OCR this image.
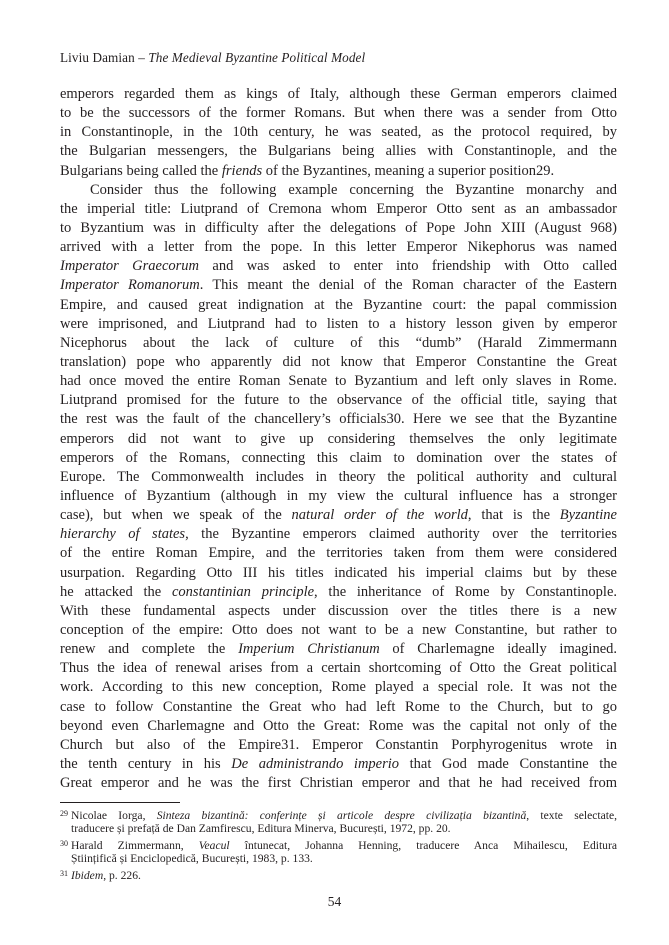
Liviu Damian – The Medieval Byzantine Political Model
emperors regarded them as kings of Italy, although these German emperors claimed
to be the successors of the former Romans. But when there was a sender from Otto
in Constantinople, in the 10th century, he was seated, as the protocol required, by
the Bulgarian messengers, the Bulgarians being allies with Constantinople, and the
Bulgarians being called the friends of the Byzantines, meaning a superior position29.
Consider thus the following example concerning the Byzantine monarchy and
the imperial title: Liutprand of Cremona whom Emperor Otto sent as an ambassador
to Byzantium was in difficulty after the delegations of Pope John XIII (August 968)
arrived with a letter from the pope. In this letter Emperor Nikephorus was named
Imperator Graecorum and was asked to enter into friendship with Otto called
Imperator Romanorum. This meant the denial of the Roman character of the Eastern
Empire, and caused great indignation at the Byzantine court: the papal commission
were imprisoned, and Liutprand had to listen to a history lesson given by emperor
Nicephorus about the lack of culture of this “dumb” (Harald Zimmermann
translation) pope who apparently did not know that Emperor Constantine the Great
had once moved the entire Roman Senate to Byzantium and left only slaves in Rome.
Liutprand promised for the future to the observance of the official title, saying that
the rest was the fault of the chancellery’s officials30. Here we see that the Byzantine
emperors did not want to give up considering themselves the only legitimate
emperors of the Romans, connecting this claim to domination over the states of
Europe. The Commonwealth includes in theory the political authority and cultural
influence of Byzantium (although in my view the cultural influence has a stronger
case), but when we speak of the natural order of the world, that is the Byzantine
hierarchy of states, the Byzantine emperors claimed authority over the territories
of the entire Roman Empire, and the territories taken from them were considered
usurpation. Regarding Otto III his titles indicated his imperial claims but by these
he attacked the constantinian principle, the inheritance of Rome by Constantinople.
With these fundamental aspects under discussion over the titles there is a new
conception of the empire: Otto does not want to be a new Constantine, but rather to
renew and complete the Imperium Christianum of Charlemagne ideally imagined.
Thus the idea of renewal arises from a certain shortcoming of Otto the Great political
work. According to this new conception, Rome played a special role. It was not the
case to follow Constantine the Great who had left Rome to the Church, but to go
beyond even Charlemagne and Otto the Great: Rome was the capital not only of the
Church but also of the Empire31. Emperor Constantin Porphyrogenitus wrote in
the tenth century in his De administrando imperio that God made Constantine the
Great emperor and he was the first Christian emperor and that he had received from
$^{29}$ Nicolae Iorga, Sinteza bizantină: conferințe și articole despre civilizația bizantină, texte selectate,
traducere și prefață de Dan Zamfirescu, Editura Minerva, București, 1972, pp. 20.
$^{30}$ Harald Zimmermann, Veacul întunecat, Johanna Henning, traducere Anca Mihailescu, Editura
Științifică și Enciclopedică, București, 1983, p. 133.
$^{31}$ Ibidem, p. 226.
54
